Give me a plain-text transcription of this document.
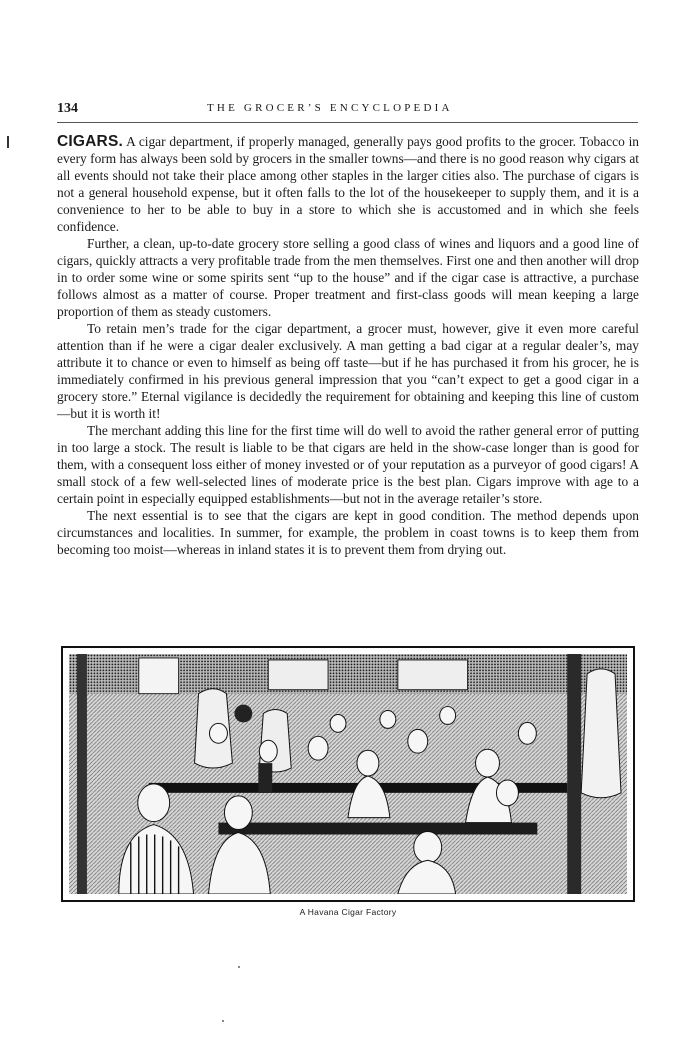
134	THE GROCER’S ENCYCLOPEDIA

CIGARS. A cigar department, if properly managed, generally pays good profits to the grocer. Tobacco in every form has always been sold by grocers in the smaller towns—and there is no good reason why cigars at all events should not take their place among other staples in the larger cities also. The purchase of cigars is not a general household expense, but it often falls to the lot of the housekeeper to supply them, and it is a convenience to her to be able to buy in a store to which she is accustomed and in which she feels confidence.

Further, a clean, up-to-date grocery store selling a good class of wines and liquors and a good line of cigars, quickly attracts a very profitable trade from the men themselves. First one and then another will drop in to order some wine or some spirits sent “up to the house” and if the cigar case is attractive, a purchase follows almost as a matter of course. Proper treatment and first-class goods will mean keeping a large proportion of them as steady customers.

To retain men’s trade for the cigar department, a grocer must, however, give it even more careful attention than if he were a cigar dealer exclusively. A man getting a bad cigar at a regular dealer’s, may attribute it to chance or even to himself as being off taste—but if he has purchased it from his grocer, he is immediately confirmed in his previous general impression that you “can’t expect to get a good cigar in a grocery store.” Eternal vigilance is decidedly the requirement for obtaining and keeping this line of custom—but it is worth it!

The merchant adding this line for the first time will do well to avoid the rather general error of putting in too large a stock. The result is liable to be that cigars are held in the show-case longer than is good for them, with a consequent loss either of money invested or of your reputation as a purveyor of good cigars! A small stock of a few well-selected lines of moderate price is the best plan. Cigars improve with age to a certain point in especially equipped establishments—but not in the average retailer’s store.

The next essential is to see that the cigars are kept in good condition. The method depends upon circumstances and localities. In summer, for example, the problem in coast towns is to keep them from becoming too moist—whereas in inland states it is to prevent them from drying out.

A Havana Cigar Factory
